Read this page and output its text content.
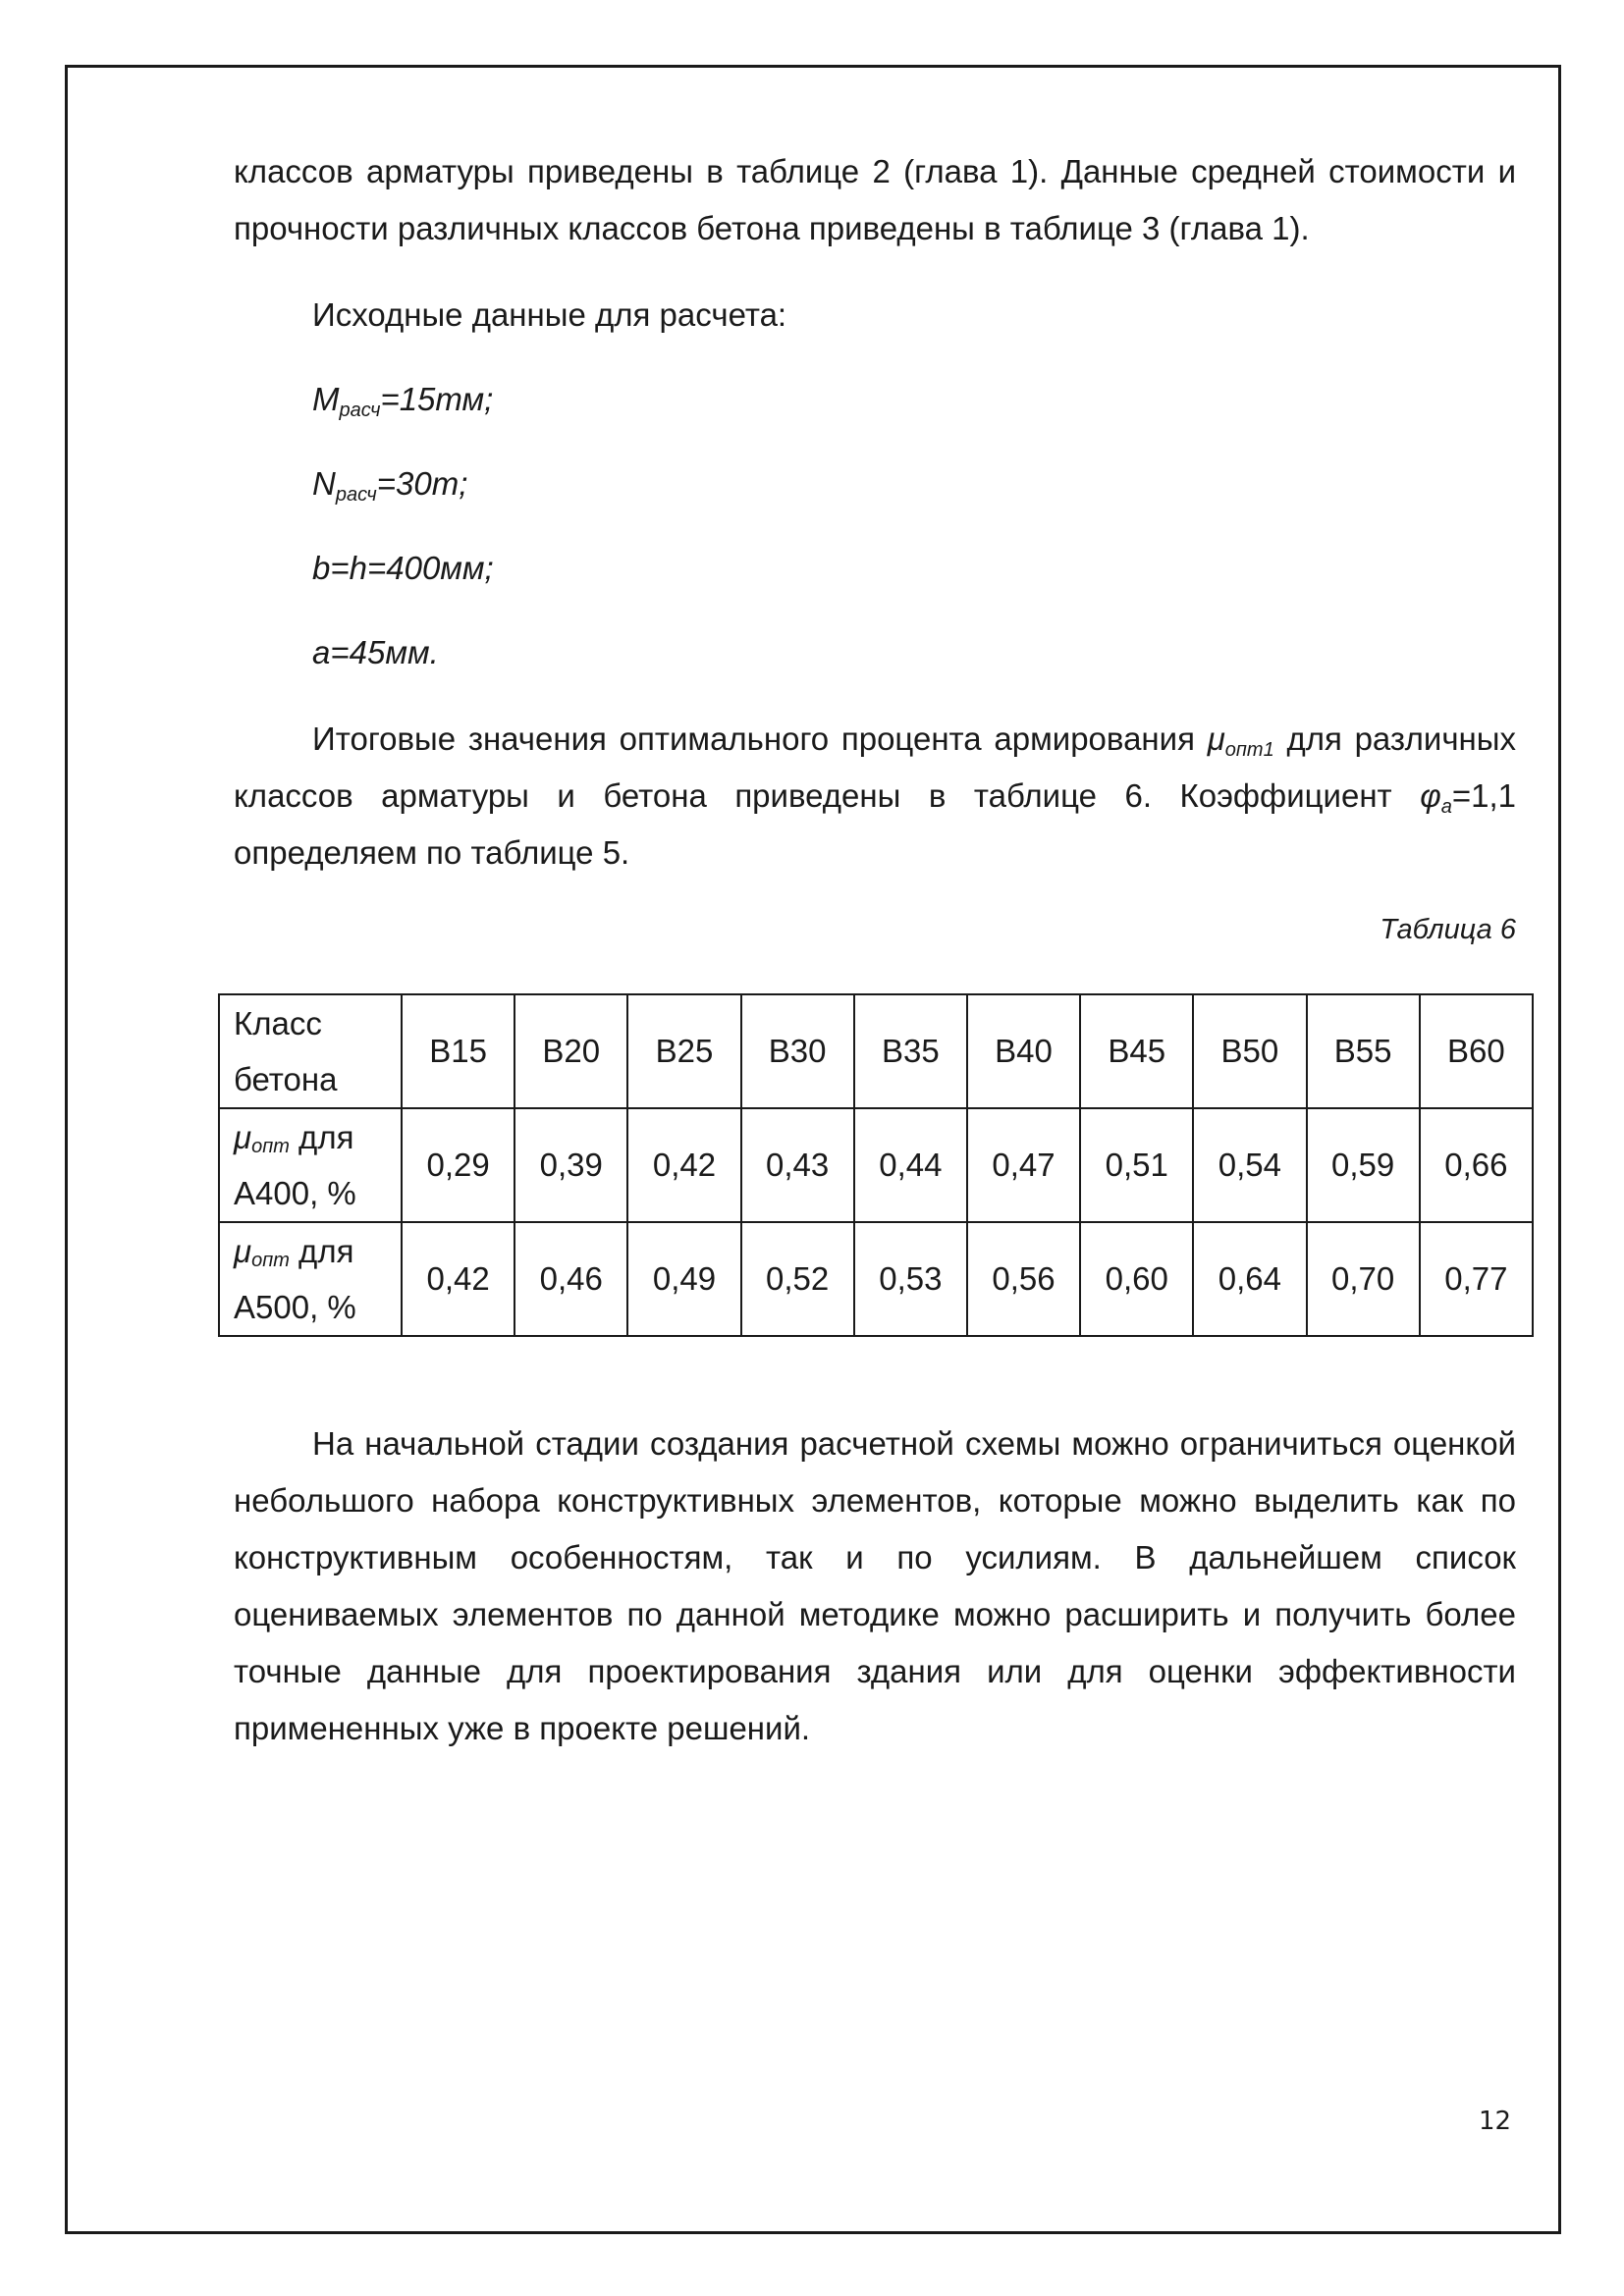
классов арматуры приведены в таблице 2 (глава 1). Данные средней стоимости и прочности различных классов бетона приведены в таблице 3 (глава 1).

Исходные данные для расчета:

$M_{расч}=15тм$;

$N_{расч}=30т$;

b=h=400мм;

a=45мм.

Итоговые значения оптимального процента армирования μопт1 для различных классов арматуры и бетона приведены в таблице 6. Коэффициент φа=1,1 определяем по таблице 5.

Таблица 6
Класс
бетона	B15	B20	B25	B30	B35	B40	B45	B50	B55	B60
$\mu_{опт}$ для
А400, %	0,29	0,39	0,42	0,43	0,44	0,47	0,51	0,54	0,59	0,66
$\mu_{опт}$ для
А500, %	0,42	0,46	0,49	0,52	0,53	0,56	0,60	0,64	0,70	0,77

На начальной стадии создания расчетной схемы можно ограничиться оценкой небольшого набора конструктивных элементов, которые можно выделить как по конструктивным особенностям, так и по усилиям. В дальнейшем список оцениваемых элементов по данной методике можно расширить и получить более точные данные для проектирования здания или для оценки эффективности примененных уже в проекте решений.

12
